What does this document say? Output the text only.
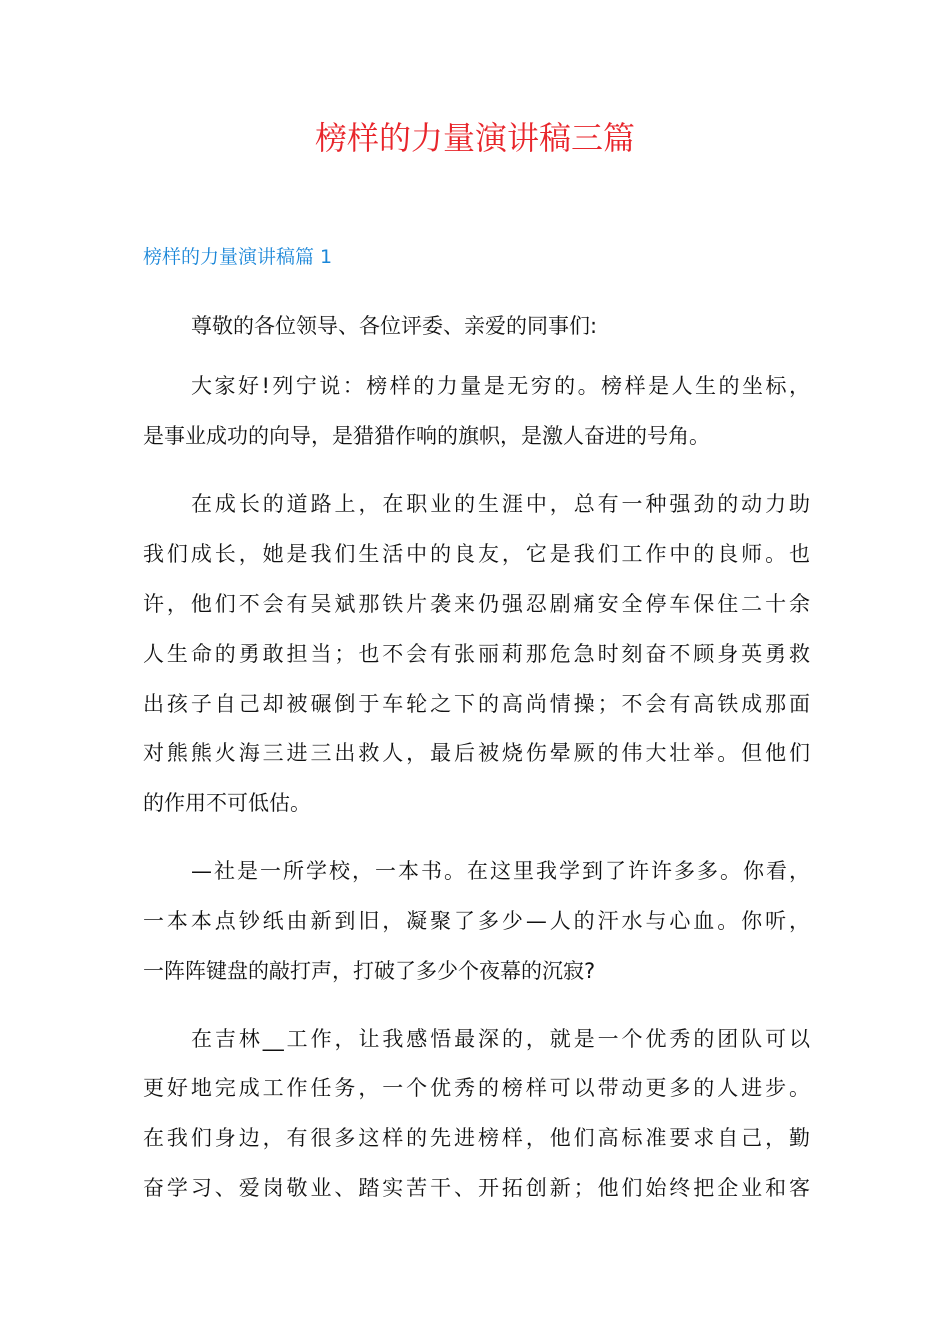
榜样的力量演讲稿三篇
榜样的力量演讲稿篇 1
尊敬的各位领导、各位评委、亲爱的同事们:
大家好!列宁说：榜样的力量是无穷的。榜样是人生的坐标，
是事业成功的向导，是猎猎作响的旗帜，是激人奋进的号角。
在成长的道路上，在职业的生涯中，总有一种强劲的动力助
我们成长，她是我们生活中的良友，它是我们工作中的良师。也
许，他们不会有吴斌那铁片袭来仍强忍剧痛安全停车保住二十余
人生命的勇敢担当；也不会有张丽莉那危急时刻奋不顾身英勇救
出孩子自己却被碾倒于车轮之下的高尚情操；不会有高铁成那面
对熊熊火海三进三出救人，最后被烧伤晕厥的伟大壮举。但他们
的作用不可低估。
—社是一所学校，一本书。在这里我学到了许许多多。你看，
一本本点钞纸由新到旧，凝聚了多少—人的汗水与心血。你听，
一阵阵键盘的敲打声，打破了多少个夜幕的沉寂?
在吉林__工作，让我感悟最深的，就是一个优秀的团队可以
更好地完成工作任务，一个优秀的榜样可以带动更多的人进步。
在我们身边，有很多这样的先进榜样，他们高标准要求自己，勤
奋学习、爱岗敬业、踏实苦干、开拓创新；他们始终把企业和客
